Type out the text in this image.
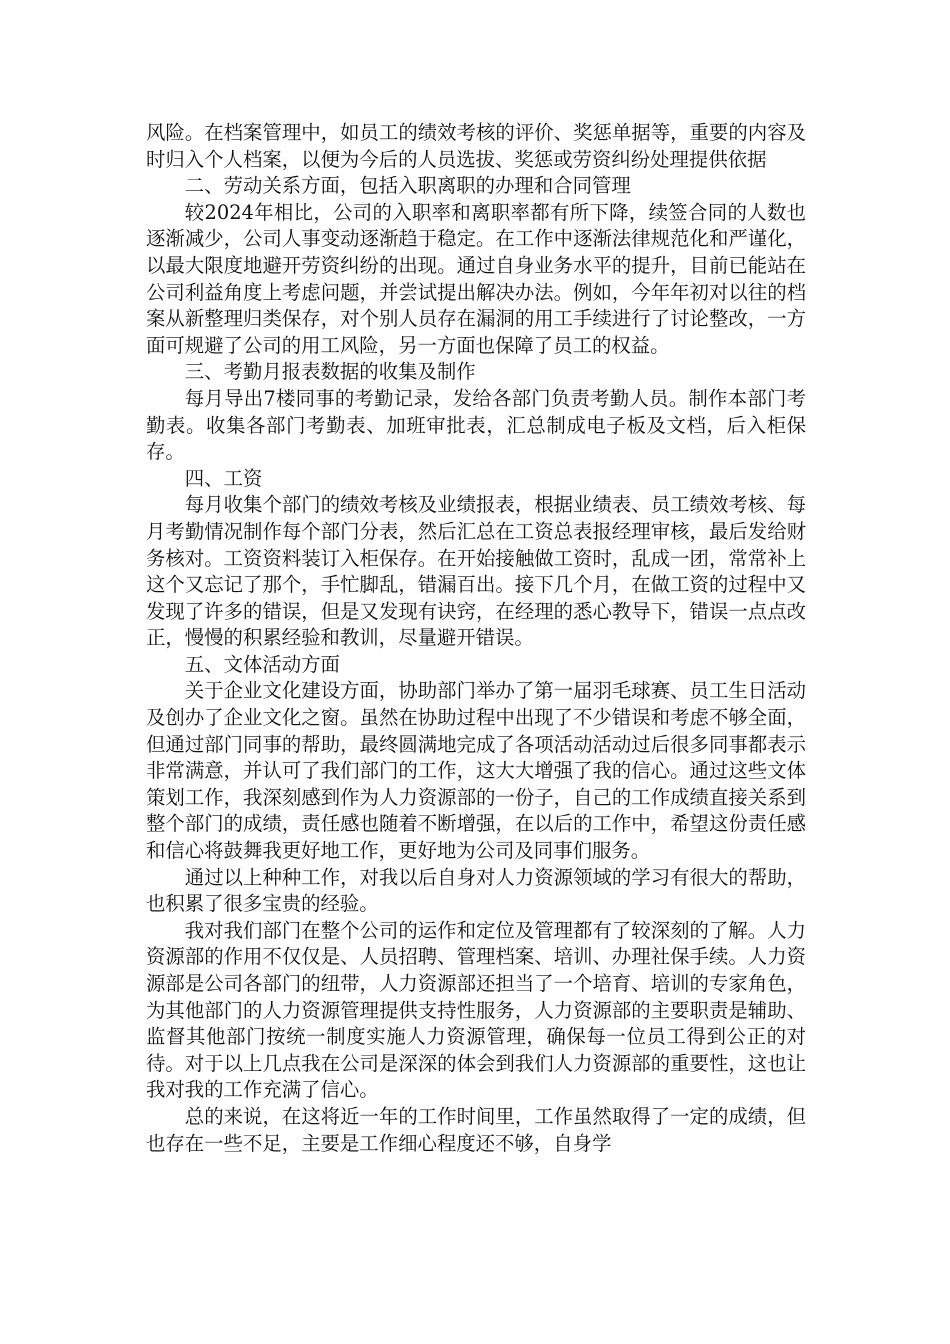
风险。在档案管理中，如员工的绩效考核的评价、奖惩单据等，重要的内容及时归入个人档案，以便为今后的人员选拔、奖惩或劳资纠纷处理提供依据

二、劳动关系方面，包括入职离职的办理和合同管理

较2024年相比，公司的入职率和离职率都有所下降，续签合同的人数也逐渐减少，公司人事变动逐渐趋于稳定。在工作中逐渐法律规范化和严谨化，以最大限度地避开劳资纠纷的出现。通过自身业务水平的提升，目前已能站在公司利益角度上考虑问题，并尝试提出解决办法。例如，今年年初对以往的档案从新整理归类保存，对个别人员存在漏洞的用工手续进行了讨论整改，一方面可规避了公司的用工风险，另一方面也保障了员工的权益。

三、考勤月报表数据的收集及制作

每月导出7楼同事的考勤记录，发给各部门负责考勤人员。制作本部门考勤表。收集各部门考勤表、加班审批表，汇总制成电子板及文档，后入柜保存。

四、工资

每月收集个部门的绩效考核及业绩报表，根据业绩表、员工绩效考核、每月考勤情况制作每个部门分表，然后汇总在工资总表报经理审核，最后发给财务核对。工资资料装订入柜保存。在开始接触做工资时，乱成一团，常常补上这个又忘记了那个，手忙脚乱，错漏百出。接下几个月，在做工资的过程中又发现了许多的错误，但是又发现有诀窍，在经理的悉心教导下，错误一点点改正，慢慢的积累经验和教训，尽量避开错误。

五、文体活动方面

关于企业文化建设方面，协助部门举办了第一届羽毛球赛、员工生日活动及创办了企业文化之窗。虽然在协助过程中出现了不少错误和考虑不够全面，但通过部门同事的帮助，最终圆满地完成了各项活动活动过后很多同事都表示非常满意，并认可了我们部门的工作，这大大增强了我的信心。通过这些文体策划工作，我深刻感到作为人力资源部的一份子，自己的工作成绩直接关系到整个部门的成绩，责任感也随着不断增强，在以后的工作中，希望这份责任感和信心将鼓舞我更好地工作，更好地为公司及同事们服务。

通过以上种种工作，对我以后自身对人力资源领域的学习有很大的帮助，也积累了很多宝贵的经验。

我对我们部门在整个公司的运作和定位及管理都有了较深刻的了解。人力资源部的作用不仅仅是、人员招聘、管理档案、培训、办理社保手续。人力资源部是公司各部门的纽带，人力资源部还担当了一个培育、培训的专家角色，为其他部门的人力资源管理提供支持性服务，人力资源部的主要职责是辅助、监督其他部门按统一制度实施人力资源管理，确保每一位员工得到公正的对待。对于以上几点我在公司是深深的体会到我们人力资源部的重要性，这也让我对我的工作充满了信心。

总的来说，在这将近一年的工作时间里，工作虽然取得了一定的成绩，但也存在一些不足，主要是工作细心程度还不够，自身学
